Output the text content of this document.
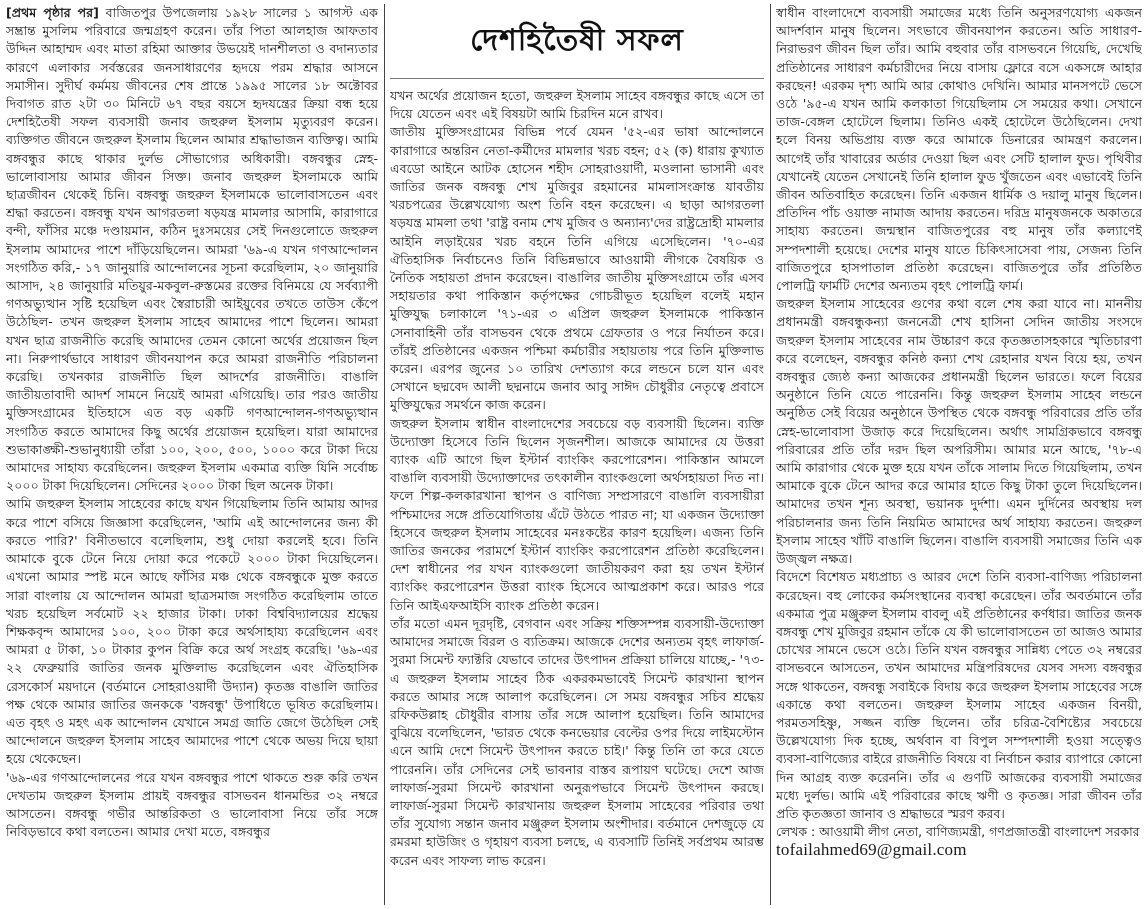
[প্রথম পৃষ্ঠার পর] বাজিতপুর উপজেলায় ১৯২৮ সালের ১ আগস্ট এক সম্ভ্রান্ত মুসলিম পরিবারে জন্মগ্রহণ করেন। তাঁর পিতা আলহাজ আফতাব উদ্দিন আহাম্মদ এবং মাতা রহিমা আক্তার উভয়েই দানশীলতা ও বদান্যতার কারণে এলাকার সর্বস্তরের জনসাধারণের হৃদয়ে পরম শ্রদ্ধার আসনে সমাসীন। সুদীর্ঘ কর্মময় জীবনের শেষ প্রান্তে ১৯৯৫ সালের ১৮ অক্টোবর দিবাগত রাত ২টা ৩০ মিনিটে ৬৭ বছর বয়সে হৃদযন্ত্রের ক্রিয়া বন্ধ হয়ে দেশহিতৈষী সফল ব্যবসায়ী জনাব জহুরুল ইসলাম মৃত্যুবরণ করেন। ব্যক্তিগত জীবনে জহুরুল ইসলাম ছিলেন আমার শ্রদ্ধাভাজন ব্যক্তিত্ব। আমি বঙ্গবন্ধুর কাছে থাকার দুর্লভ সৌভাগ্যের অধিকারী। বঙ্গবন্ধুর স্নেহ-ভালোবাসায় আমার জীবন সিক্ত। জনাব জহুরুল ইসলামকে আমি ছাত্রজীবন থেকেই চিনি। বঙ্গবন্ধু জহুরুল ইসলামকে ভালোবাসতেন এবং শ্রদ্ধা করতেন। বঙ্গবন্ধু যখন আগরতলা ষড়যন্ত্র মামলার আসামি, কারাগারে বন্দী, ফাঁসির মঞ্চে দণ্ডায়মান, কঠিন দুঃসময়ের সেই দিনগুলোতে জহুরুল ইসলাম আমাদের পাশে দাঁড়িয়েছিলেন। আমরা '৬৯-এ যখন গণআন্দোলন সংগঠিত করি,- ১৭ জানুয়ারি আন্দোলনের সূচনা করেছিলাম, ২০ জানুয়ারি আসাদ, ২৪ জানুয়ারি মতিয়ুর-মকবুল-রুস্তমের রক্তের বিনিময়ে যে সর্বব্যাপী গণঅভ্যুত্থান সৃষ্টি হয়েছিল এবং স্বৈরাচারী আইয়ুবের তখতে তাউস কেঁপে উঠেছিল- তখন জহুরুল ইসলাম সাহেব আমাদের পাশে ছিলেন। আমরা যখন ছাত্র রাজনীতি করেছি আমাদের তেমন কোনো অর্থের প্রয়োজন ছিল না। নিরুপার্থভাবে সাধারণ জীবনযাপন করে আমরা রাজনীতি পরিচালনা করেছি। তখনকার রাজনীতি ছিল আদর্শের রাজনীতি। বাঙালি জাতীয়তাবাদী আদর্শ সামনে নিয়েই আমরা এগিয়েছি। তার পরও জাতীয় মুক্তিসংগ্রামের ইতিহাসে এত বড় একটি গণআন্দোলন-গণঅভ্যুত্থান সংগঠিত করতে আমাদের কিছু অর্থের প্রয়োজন হয়েছিল। যারা আমাদের শুভাকাঙ্ক্ষী-শুভানুধ্যায়ী তাঁরা ১০০, ২০০, ৫০০, ১০০০ করে টাকা দিয়ে আমাদের সাহায্য করেছিলেন। জহুরুল ইসলাম একমাত্র ব্যক্তি যিনি সর্বোচ্চ ২০০০ টাকা দিয়েছিলেন। সেদিনের ২০০০ টাকা ছিল অনেক টাকা।

আমি জহুরুল ইসলাম সাহেবের কাছে যখন গিয়েছিলাম তিনি আমায় আদর করে পাশে বসিয়ে জিজ্ঞাসা করেছিলেন, 'আমি এই আন্দোলনের জন্য কী করতে পারি?' বিনীতভাবে বলেছিলাম, শুধু দোয়া করলেই হবে। তিনি আমাকে বুকে টেনে নিয়ে দোয়া করে পকেটে ২০০০ টাকা দিয়েছিলেন। এখনো আমার স্পষ্ট মনে আছে ফাঁসির মঞ্চ থেকে বঙ্গবন্ধুকে মুক্ত করতে সারা বাংলায় যে আন্দোলন আমরা ছাত্রসমাজ সংগঠিত করেছিলাম তাতে খরচ হয়েছিল সর্বমোট ২২ হাজার টাকা। ঢাকা বিশ্ববিদ্যালয়ের শ্রদ্ধেয় শিক্ষকবৃন্দ আমাদের ১০০, ২০০ টাকা করে অর্থসাহায্য করেছিলেন এবং আমরা ৫ টাকা, ১০ টাকার কুপন বিক্রি করে অর্থ সংগ্রহ করেছি। '৬৯-এর ২২ ফেব্রুয়ারি জাতির জনক মুক্তিলাভ করেছিলেন এবং ঐতিহাসিক রেসকোর্স ময়দানে (বর্তমানে সোহরাওয়ার্দী উদ্যান) কৃতজ্ঞ বাঙালি জাতির পক্ষ থেকে আমার জাতির জনককে 'বঙ্গবন্ধু' উপাধিতে ভূষিত করেছিলাম। এত বৃহৎ ও মহৎ এক আন্দোলন যেখানে সমগ্র জাতি জেগে উঠেছিল সেই আন্দোলনে জহুরুল ইসলাম সাহেব আমাদের পাশে থেকে অভয় দিয়ে ছায়া হয়ে থেকেছেন।

'৬৯-এর গণআন্দোলনের পরে যখন বঙ্গবন্ধুর পাশে থাকতে শুরু করি তখন দেখতাম জহুরুল ইসলাম প্রায়ই বঙ্গবন্ধুর বাসভবন ধানমন্ডির ৩২ নম্বরে আসতেন। বঙ্গবন্ধু গভীর আন্তরিকতা ও ভালোবাসা নিয়ে তাঁর সঙ্গে নিবিড়ভাবে কথা বলতেন। আমার দেখা মতে, বঙ্গবন্ধুর

দেশহিতৈষী সফল

যখন অর্থের প্রয়োজন হতো, জহুরুল ইসলাম সাহেব বঙ্গবন্ধুর কাছে এসে তা দিয়ে যেতেন এবং এই বিষয়টা আমি চিরদিন মনে রাখব।

জাতীয় মুক্তিসংগ্রামের বিভিন্ন পর্বে যেমন '৫২-এর ভাষা আন্দোলনে কারাগারে অন্তরিন নেতা-কর্মীদের মামলার খরচ বহন; ৫২ (ক) ধারায় কুখ্যাত এবডো আইনে আটক হোসেন শহীদ সোহরাওয়ার্দী, মওলানা ভাসানী এবং জাতির জনক বঙ্গবন্ধু শেখ মুজিবুর রহমানের মামলাসংক্রান্ত যাবতীয় খরচপত্রের উল্লেখযোগ্য অংশ তিনি বহন করেছেন। এ ছাড়া আগরতলা ষড়যন্ত্র মামলা তথা 'রাষ্ট্র বনাম শেখ মুজিব ও অন্যান্য'দের রাষ্ট্রদ্রোহী মামলার আইনি লড়াইয়ের খরচ বহনে তিনি এগিয়ে এসেছিলেন। '৭০-এর ঐতিহাসিক নির্বাচনেও তিনি বিভিন্নভাবে আওয়ামী লীগকে বৈষয়িক ও নৈতিক সহায়তা প্রদান করেছেন। বাঙালির জাতীয় মুক্তিসংগ্রামে তাঁর এসব সহায়তার কথা পাকিস্তান কর্তৃপক্ষের গোচরীভূত হয়েছিল বলেই মহান মুক্তিযুদ্ধ চলাকালে '৭১-এর ৩ এপ্রিল জহুরুল ইসলামকে পাকিস্তান সেনাবাহিনী তাঁর বাসভবন থেকে প্রথমে গ্রেফতার ও পরে নির্যাতন করে। তাঁরই প্রতিষ্ঠানের একজন পশ্চিমা কর্মচারীর সহায়তায় পরে তিনি মুক্তিলাভ করেন। এরপর জুনের ১০ তারিখ দেশত্যাগ করে লন্ডনে চলে যান এবং সেখানে ছদ্মবেদ আলী ছদ্মনামে জনাব আবু সাঈদ চৌধুরীর নেতৃত্বে প্রবাসে মুক্তিযুদ্ধের সমর্থনে কাজ করেন।

জহুরুল ইসলাম স্বাধীন বাংলাদেশের সবচেয়ে বড় ব্যবসায়ী ছিলেন। ব্যক্তি উদ্যোক্তা হিসেবে তিনি ছিলেন সৃজনশীল। আজকে আমাদের যে উত্তরা ব্যাংক এটি আগে ছিল ইস্টার্ন ব্যাংকিং করপোরেশন। পাকিস্তান আমলে বাঙালি ব্যবসায়ী উদ্যোক্তাদের তৎকালীন ব্যাংকগুলো অর্থসহায়তা দিত না। ফলে শিল্প-কলকারখানা স্থাপন ও বাণিজ্য সম্প্রসারণে বাঙালি ব্যবসায়ীরা পশ্চিমাদের সঙ্গে প্রতিযোগিতায় এঁটে উঠতে পারত না; যা একজন উদ্যোক্তা হিসেবে জহুরুল ইসলাম সাহেবের মনঃকষ্টের কারণ হয়েছিল। এজন্য তিনি জাতির জনকের পরামর্শে ইস্টার্ন ব্যাংকিং করপোরেশন প্রতিষ্ঠা করেছিলেন। দেশ স্বাধীনের পর যখন ব্যাংকগুলো জাতীয়করণ করা হয় তখন ইস্টার্ন ব্যাংকিং করপোরেশন উত্তরা ব্যাংক হিসেবে আত্মপ্রকাশ করে। আরও পরে তিনি আইএফআইসি ব্যাংক প্রতিষ্ঠা করেন।

তাঁর মতো এমন দূরদৃষ্টি, বেগবান এবং সক্রিয় শক্তিসম্পন্ন ব্যবসায়ী-উদ্যোক্তা আমাদের সমাজে বিরল ও ব্যতিক্রম। আজকে দেশের অন্যতম বৃহৎ লাফার্জ-সুরমা সিমেন্ট ফ্যাক্টরি যেভাবে তাদের উৎপাদন প্রক্রিয়া চালিয়ে যাচ্ছে,- '৭৩-এ জহুরুল ইসলাম সাহেব ঠিক একরকমভাবেই সিমেন্ট কারখানা স্থাপন করতে আমার সঙ্গে আলাপ করেছিলেন। সে সময় বঙ্গবন্ধুর সচিব শ্রদ্ধেয় রফিকউল্লাহ চৌধুরীর বাসায় তাঁর সঙ্গে আলাপ হয়েছিল। তিনি আমাদের বুঝিয়ে বলেছিলেন, 'ভারত থেকে কনভেয়ার বেল্টের ওপর দিয়ে লাইমস্টোন এনে আমি দেশে সিমেন্ট উৎপাদন করতে চাই।' কিন্তু তিনি তা করে যেতে পারেননি। তাঁর সেদিনের সেই ভাবনার বাস্তব রূপায়ণ ঘটেছে। দেশে আজ লাফার্জ-সুরমা সিমেন্ট কারখানা অনুরূপভাবে সিমেন্ট উৎপাদন করছে। লাফার্জ-সুরমা সিমেন্ট কারখানায় জহুরুল ইসলাম সাহেবের পরিবার তথা তাঁর সুযোগ্য সন্তান জনাব মঞ্জুরুল ইসলাম অংশীদার। বর্তমানে দেশজুড়ে যে রমরমা হাউজিং ও গৃহায়ণ ব্যবসা চলছে, এ ব্যবসাটি তিনিই সর্বপ্রথম আরম্ভ করেন এবং সাফল্য লাভ করেন।

স্বাধীন বাংলাদেশে ব্যবসায়ী সমাজের মধ্যে তিনি অনুসরণযোগ্য একজন আদর্শবান মানুষ ছিলেন। সৎভাবে জীবনযাপন করতেন। অতি সাধারণ-নিরাভরণ জীবন ছিল তাঁর। আমি বহুবার তাঁর বাসভবনে গিয়েছি, দেখেছি প্রতিষ্ঠানের সাধারণ কর্মচারীদের নিয়ে বাসায় ফ্লোরে বসে একসঙ্গে আহার করছেন! এরকম দৃশ্য আমি আর কোথাও দেখিনি। আমার মানসপটে ভেসে ওঠে '৯৫-এ যখন আমি কলকাতা গিয়েছিলাম সে সময়ের কথা। সেখানে তাজ-বেঙ্গল হোটেলে ছিলাম। তিনিও একই হোটেলে উঠেছিলেন। দেখা হলে বিনয় অভিপ্রায় ব্যক্ত করে আমাকে ডিনারের আমন্ত্রণ করলেন। আগেই তাঁর খাবারের অর্ডার দেওয়া ছিল এবং সেটি হালাল ফুড। পৃথিবীর যেখানেই যেতেন সেখানেই তিনি হালাল ফুড খুঁজতেন এবং এভাবেই তিনি জীবন অতিবাহিত করেছেন। তিনি একজন ধার্মিক ও দয়ালু মানুষ ছিলেন। প্রতিদিন পাঁচ ওয়াক্ত নামাজ আদায় করতেন। দরিদ্র মানুষজনকে অকাতরে সাহায্য করতেন। জন্মস্থান বাজিতপুরের বহু মানুষ তাঁর কল্যাণেই সম্পদশালী হয়েছে। দেশের মানুষ যাতে চিকিৎসাসেবা পায়, সেজন্য তিনি বাজিতপুরে হাসপাতাল প্রতিষ্ঠা করেছেন। বাজিতপুরে তাঁর প্রতিষ্ঠিত পোলট্রি ফার্মটি দেশের অন্যতম বৃহৎ পোলট্রি ফার্ম।

জহুরুল ইসলাম সাহেবের গুণের কথা বলে শেষ করা যাবে না। মাননীয় প্রধানমন্ত্রী বঙ্গবন্ধুকন্যা জননেত্রী শেখ হাসিনা সেদিন জাতীয় সংসদে জহুরুল ইসলাম সাহেবের নাম উচ্চারণ করে কৃতজ্ঞতাসহকারে স্মৃতিচারণা করে বলেছেন, বঙ্গবন্ধুর কনিষ্ঠ কন্যা শেখ রেহানার যখন বিয়ে হয়, তখন বঙ্গবন্ধুর জ্যেষ্ঠ কন্যা আজকের প্রধানমন্ত্রী ছিলেন ভারতে। ফলে বিয়ের অনুষ্ঠানে তিনি যেতে পারেননি। কিন্তু জহুরুল ইসলাম সাহেব লন্ডনে অনুষ্ঠিত সেই বিয়ের অনুষ্ঠানে উপস্থিত থেকে বঙ্গবন্ধু পরিবারের প্রতি তাঁর স্নেহ-ভালোবাসা উজাড় করে দিয়েছিলেন। অর্থাৎ সামগ্রিকভাবে বঙ্গবন্ধু পরিবারের প্রতি তাঁর দরদ ছিল অপরিসীম। আমার মনে আছে, '৭৮-এ আমি কারাগার থেকে মুক্ত হয়ে যখন তাঁকে সালাম দিতে গিয়েছিলাম, তখন আমাকে বুকে টেনে আদর করে আমার হাতে কিছু টাকা তুলে দিয়েছিলেন। আমাদের তখন শূন্য অবস্থা, ভয়ানক দুর্দশা। এমন দুর্দিনের অবস্থায় দল পরিচালনার জন্য তিনি নিয়মিত আমাদের অর্থ সাহায্য করতেন। জহুরুল ইসলাম সাহেব খাঁটি বাঙালি ছিলেন। বাঙালি ব্যবসায়ী সমাজের তিনি এক উজ্জ্বল নক্ষত্র।

বিদেশে বিশেষত মধ্যপ্রাচ্য ও আরব দেশে তিনি ব্যবসা-বাণিজ্য পরিচালনা করেছেন। বহু লোকের কর্মসংস্থানের ব্যবস্থা করেছেন। তাঁর অবর্তমানে তাঁর একমাত্র পুত্র মঞ্জুরুল ইসলাম বাবলু এই প্রতিষ্ঠানের কর্ণধার। জাতির জনক বঙ্গবন্ধু শেখ মুজিবুর রহমান তাঁকে যে কী ভালোবাসতেন তা আজও আমার চোখের সামনে ভেসে ওঠে। তিনি যখন বঙ্গবন্ধুর সান্নিধ্য পেতে ৩২ নম্বরের বাসভবনে আসতেন, তখন আমাদের মন্ত্রিপরিষদের যেসব সদস্য বঙ্গবন্ধুর সঙ্গে থাকতেন, বঙ্গবন্ধু সবাইকে বিদায় করে জহুরুল ইসলাম সাহেবের সঙ্গে একান্তে কথা বলতেন। জহুরুল ইসলাম সাহেব একজন বিনয়ী, পরমতসহিষ্ণু, সজ্জন ব্যক্তি ছিলেন। তাঁর চরিত্র-বৈশিষ্ট্যের সবচেয়ে উল্লেখযোগ্য দিক হচ্ছে, অর্থবান বা বিপুল সম্পদশালী হওয়া সত্ত্বেও ব্যবসা-বাণিজ্যের বাইরে রাজনীতি বিষয়ে বা নির্বাচন করার ব্যাপারে কোনো দিন আগ্রহ ব্যক্ত করেননি। তাঁর এ গুণটি আজকের ব্যবসায়ী সমাজের মধ্যে দুর্লভ। আমি এই পরিবারের কাছে ঋণী ও কৃতজ্ঞ। সারা জীবন তাঁর প্রতি কৃতজ্ঞতা জানাব ও শ্রদ্ধাভরে স্মরণ করব।

লেখক : আওয়ামী লীগ নেতা, বাণিজ্যমন্ত্রী, গণপ্রজাতন্ত্রী বাংলাদেশ সরকার

tofailahmed69@gmail.com
